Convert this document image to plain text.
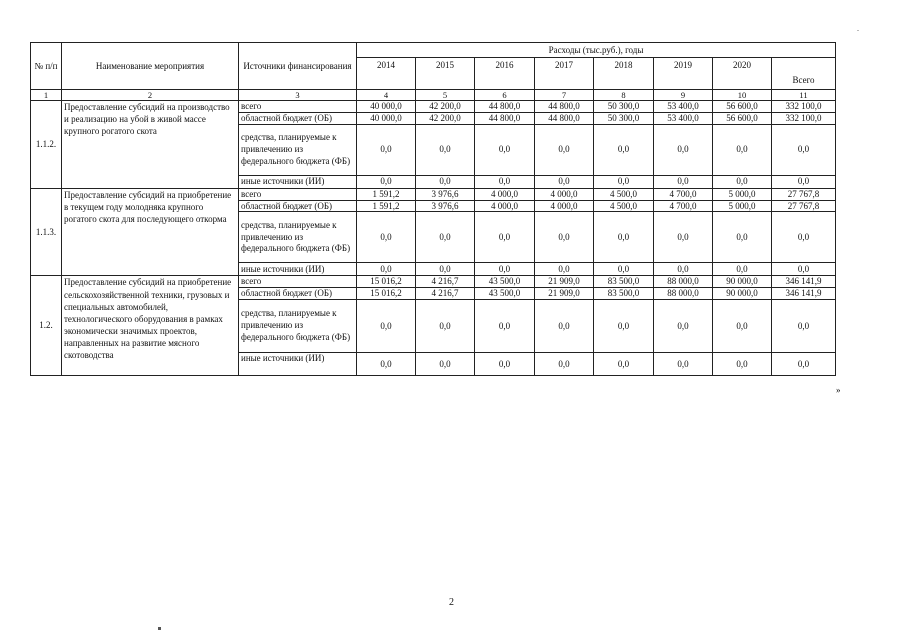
№ п/п	Наименование мероприятия	Источники финансирования	Расходы (тыс.руб.), годы							
			2014	2015	2016	2017	2018	2019	2020	Всего
1	2	3	4	5	6	7	8	9	10	11
1.1.2.	Предоставление субсидий на производство и реализацию на убой в живой массе крупного рогатого скота	всего	40 000,0	42 200,0	44 800,0	44 800,0	50 300,0	53 400,0	56 600,0	332 100,0
		областной бюджет (ОБ)	40 000,0	42 200,0	44 800,0	44 800,0	50 300,0	53 400,0	56 600,0	332 100,0
		средства, планируемые к привлечению из федерального бюджета (ФБ)	0,0	0,0	0,0	0,0	0,0	0,0	0,0	0,0
		иные источники (ИИ)	0,0	0,0	0,0	0,0	0,0	0,0	0,0	0,0
1.1.3.	Предоставление субсидий на приобретение в текущем году молодняка крупного рогатого скота для последующего откорма	всего	1 591,2	3 976,6	4 000,0	4 000,0	4 500,0	4 700,0	5 000,0	27 767,8
		областной бюджет (ОБ)	1 591,2	3 976,6	4 000,0	4 000,0	4 500,0	4 700,0	5 000,0	27 767,8
		средства, планируемые к привлечению из федерального бюджета (ФБ)	0,0	0,0	0,0	0,0	0,0	0,0	0,0	0,0
		иные источники (ИИ)	0,0	0,0	0,0	0,0	0,0	0,0	0,0	0,0
1.2.	Предоставление субсидий на приобретение сельскохозяйственной техники, грузовых и специальных автомобилей, технологического оборудования в рамках экономически значимых проектов, направленных на развитие мясного скотоводства	всего	15 016,2	4 216,7	43 500,0	21 909,0	83 500,0	88 000,0	90 000,0	346 141,9
		областной бюджет (ОБ)	15 016,2	4 216,7	43 500,0	21 909,0	83 500,0	88 000,0	90 000,0	346 141,9
		средства, планируемые к привлечению из федерального бюджета (ФБ)	0,0	0,0	0,0	0,0	0,0	0,0	0,0	0,0
		иные источники (ИИ)	0,0	0,0	0,0	0,0	0,0	0,0	0,0	0,0
»
2
